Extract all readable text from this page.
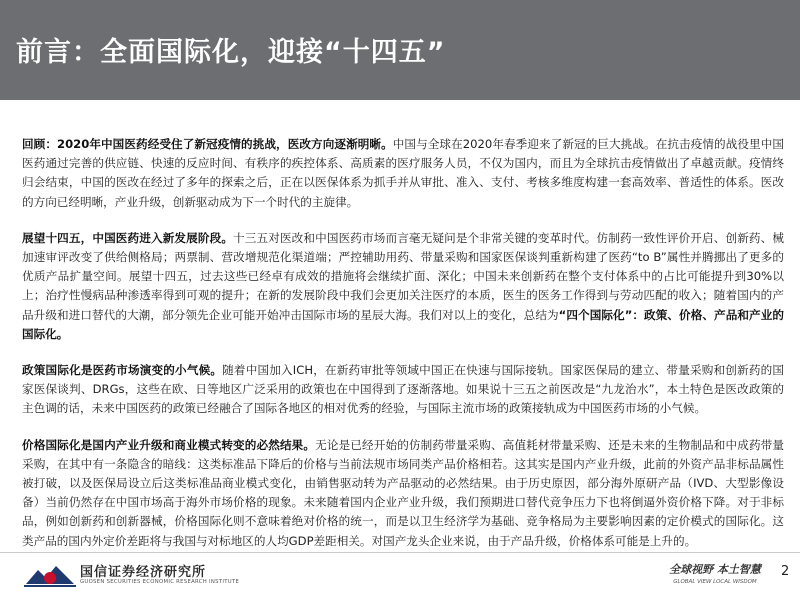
前言：全面国际化，迎接“十四五”

回顾：2020年中国医药经受住了新冠疫情的挑战，医改方向逐渐明晰。中国与全球在2020年春季迎来了新冠的巨大挑战。在抗击疫情的战役里中国医药通过完善的供应链、快速的反应时间、有秩序的疾控体系、高质素的医疗服务人员，不仅为国内，而且为全球抗击疫情做出了卓越贡献。疫情终归会结束，中国的医改在经过了多年的探索之后，正在以医保体系为抓手并从审批、准入、支付、考核多维度构建一套高效率、普适性的体系。医改的方向已经明晰，产业升级，创新驱动成为下一个时代的主旋律。

展望十四五，中国医药进入新发展阶段。十三五对医改和中国医药市场而言毫无疑问是个非常关键的变革时代。仿制药一致性评价开启、创新药、械加速审评改变了供给侧格局；两票制、营改增规范化渠道端；严控辅助用药、带量采购和国家医保谈判重新构建了医药“to B”属性并腾挪出了更多的优质产品扩量空间。展望十四五，过去这些已经卓有成效的措施将会继续扩面、深化；中国未来创新药在整个支付体系中的占比可能提升到30%以上；治疗性慢病品种渗透率得到可观的提升；在新的发展阶段中我们会更加关注医疗的本质，医生的医务工作得到与劳动匹配的收入；随着国内的产品升级和进口替代的大潮，部分领先企业可能开始冲击国际市场的星辰大海。我们对以上的变化，总结为“四个国际化”：政策、价格、产品和产业的国际化。

政策国际化是医药市场演变的小气候。随着中国加入ICH，在新药审批等领域中国正在快速与国际接轨。国家医保局的建立、带量采购和创新药的国家医保谈判、DRGs，这些在欧、日等地区广泛采用的政策也在中国得到了逐渐落地。如果说十三五之前医改是“九龙治水”，本土特色是医改政策的主色调的话，未来中国医药的政策已经融合了国际各地区的相对优秀的经验，与国际主流市场的政策接轨成为中国医药市场的小气候。

价格国际化是国内产业升级和商业模式转变的必然结果。无论是已经开始的仿制药带量采购、高值耗材带量采购、还是未来的生物制品和中成药带量采购，在其中有一条隐含的暗线：这类标准品下降后的价格与当前法规市场同类产品价格相若。这其实是国内产业升级，此前的外资产品非标品属性被打破，以及医保局设立后这类标准品商业模式变化，由销售驱动转为产品驱动的必然结果。由于历史原因，部分海外原研产品（IVD、大型影像设备）当前仍然存在中国市场高于海外市场价格的现象。未来随着国内企业产业升级，我们预期进口替代竞争压力下也将倒逼外资价格下降。对于非标品，例如创新药和创新器械，价格国际化则不意味着绝对价格的统一，而是以卫生经济学为基础、竞争格局为主要影响因素的定价模式的国际化。这类产品的国内外定价差距将与我国与对标地区的人均GDP差距相关。对国产龙头企业来说，由于产品升级，价格体系可能是上升的。

国信证券经济研究所
GUOSEN SECURITIES ECONOMIC RESEARCH INSTITUTE
全球视野 本土智慧
GLOBAL VIEW LOCAL WISDOM
2
